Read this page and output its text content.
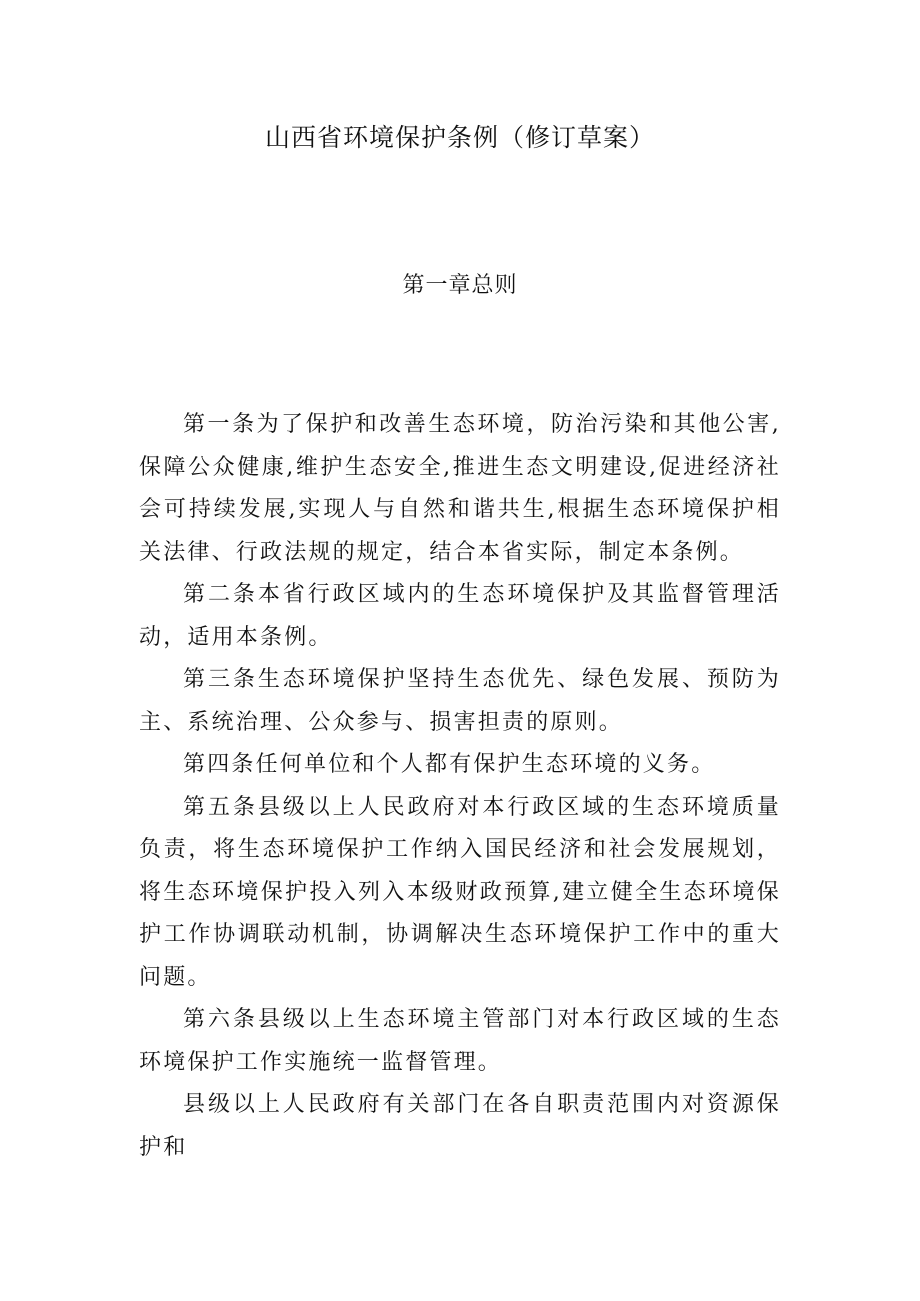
山西省环境保护条例（修订草案）
第一章总则

第一条为了保护和改善生态环境，防治污染和其他公害,保障公众健康,维护生态安全,推进生态文明建设,促进经济社会可持续发展,实现人与自然和谐共生,根据生态环境保护相关法律、行政法规的规定，结合本省实际，制定本条例。

第二条本省行政区域内的生态环境保护及其监督管理活动，适用本条例。

第三条生态环境保护坚持生态优先、绿色发展、预防为主、系统治理、公众参与、损害担责的原则。

第四条任何单位和个人都有保护生态环境的义务。

第五条县级以上人民政府对本行政区域的生态环境质量负责，将生态环境保护工作纳入国民经济和社会发展规划，将生态环境保护投入列入本级财政预算,建立健全生态环境保护工作协调联动机制，协调解决生态环境保护工作中的重大问题。

第六条县级以上生态环境主管部门对本行政区域的生态环境保护工作实施统一监督管理。

县级以上人民政府有关部门在各自职责范围内对资源保护和
